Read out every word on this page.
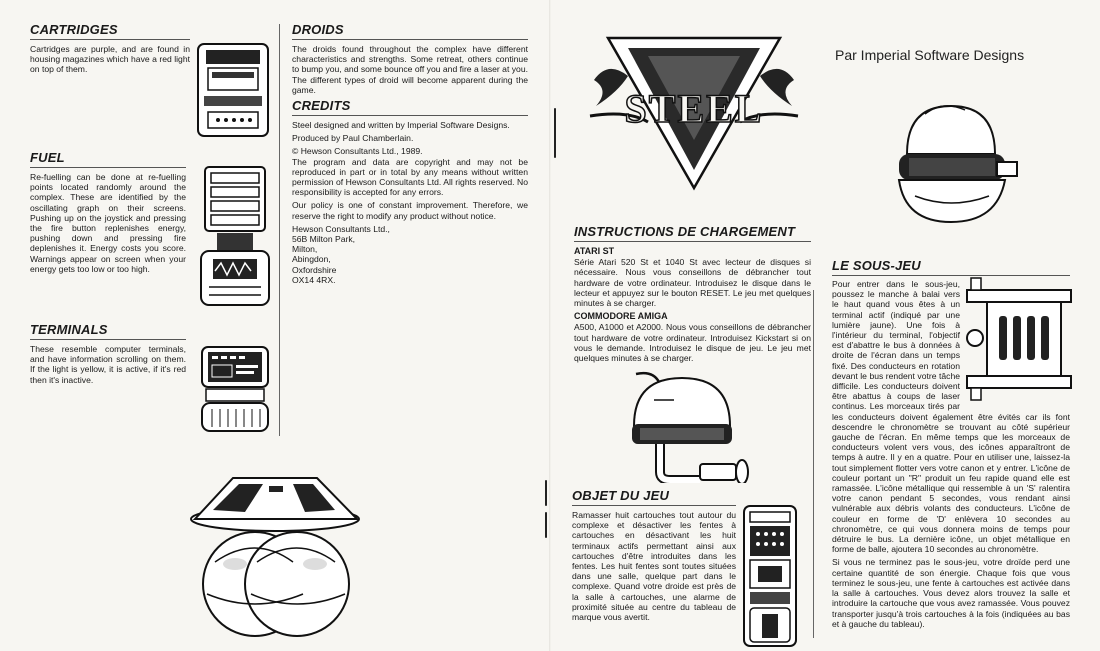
CARTRIDGES
Cartridges are purple, and are found in housing magazines which have a red light on top of them.
FUEL
Re-fuelling can be done at re-fuelling points located randomly around the complex. These are identified by the oscillating graph on their screens. Pushing up on the joystick and pressing the fire button replenishes energy, pushing down and pressing fire deplenishes it. Energy costs you score. Warnings appear on screen when your energy gets too low or too high.
TERMINALS
These resemble computer terminals, and have information scrolling on them. If the light is yellow, it is active, if it's red then it's inactive.
DROIDS
The droids found throughout the complex have different characteristics and strengths. Some retreat, others continue to bump you, and some bounce off you and fire a laser at you. The different types of droid will become apparent during the game.
CREDITS

Steel designed and written by Imperial Software Designs.

Produced by Paul Chamberlain.

© Hewson Consultants Ltd., 1989.

The program and data are copyright and may not be reproduced in part or in total by any means without written permission of Hewson Consultants Ltd. All rights reserved. No responsibility is accepted for any errors.

Our policy is one of constant improvement. Therefore, we reserve the right to modify any product without notice.

Hewson Consultants Ltd.,
56B Milton Park,
Milton,
Abingdon,
Oxfordshire
OX14 4RX.
STEEL
Par Imperial Software Designs
INSTRUCTIONS DE CHARGEMENT
ATARI ST

Série Atari 520 St et 1040 St avec lecteur de disques si nécessaire. Nous vous conseillons de débrancher tout hardware de votre ordinateur. Introduisez le disque dans le lecteur et appuyez sur le bouton RESET. Le jeu met quelques minutes à se charger.

COMMODORE AMIGA

A500, A1000 et A2000. Nous vous conseillons de débrancher tout hardware de votre ordinateur. Introduisez Kickstart si on vous le demande. Introduisez le disque de jeu. Le jeu met quelques minutes à se charger.

OBJET DU JEU
Ramasser huit cartouches tout autour du complexe et désactiver les fentes à cartouches en désactivant les huit terminaux actifs permettant ainsi aux cartouches d'être introduites dans les fentes. Les huit fentes sont toutes situées dans une salle, quelque part dans le complexe. Quand votre droide est près de la salle à cartouches, une alarme de proximité située au centre du tableau de marque vous avertit.
LE SOUS-JEU

Pour entrer dans le sous-jeu, poussez le manche à balai vers le haut quand vous êtes à un terminal actif (indiqué par une lumière jaune). Une fois à l'intérieur du terminal, l'objectif est d'abattre le bus à données à droite de l'écran dans un temps fixé. Des conducteurs en rotation devant le bus rendent votre tâche difficile. Les conducteurs doivent être abattus à coups de laser continus. Les morceaux tirés par les conducteurs doivent également être évités car ils font descendre le chronomètre se trouvant au côté supérieur gauche de l'écran. En même temps que les morceaux de conducteurs volent vers vous, des icônes apparaîtront de temps à autre. Il y en a quatre. Pour en utiliser une, laissez-la tout simplement flotter vers votre canon et y entrer. L'icône de couleur portant un "R" produit un feu rapide quand elle est ramassée. L'icône métallique qui ressemble à un 'S' ralentira votre canon pendant 5 secondes, vous rendant ainsi vulnérable aux débris volants des conducteurs. L'icône de couleur en forme de 'D' enlèvera 10 secondes au chronomètre, ce qui vous donnera moins de temps pour détruire le bus. La dernière icône, un objet métallique en forme de balle, ajoutera 10 secondes au chronomètre.

Si vous ne terminez pas le sous-jeu, votre droïde perd une certaine quantité de son énergie. Chaque fois que vous terminez le sous-jeu, une fente à cartouches est activée dans la salle à cartouches. Vous devez alors trouvez la salle et introduire la cartouche que vous avez ramassée. Vous pouvez transporter jusqu'à trois cartouches à la fois (indiquées au bas et à gauche du tableau).
